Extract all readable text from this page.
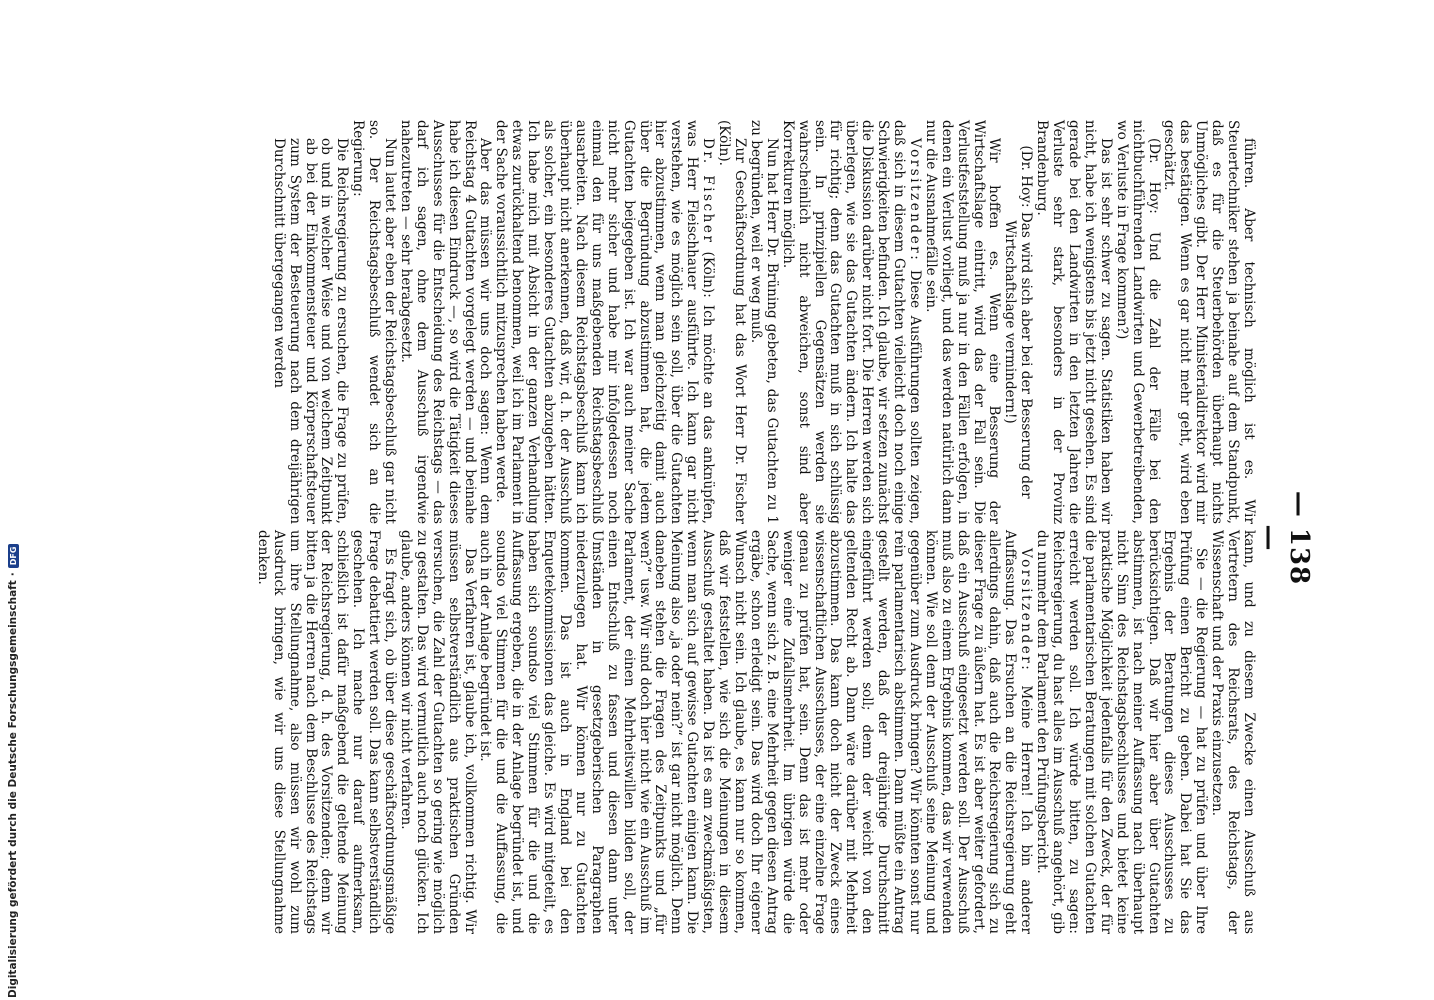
— 138 —

führen. Aber technisch möglich ist es. Wir Steuertechniker stehen ja beinahe auf dem Standpunkt, daß es für die Steuerbehörden überhaupt nichts Unmögliches gibt. Der Herr Ministerialdirektor wird mir das bestätigen. Wenn es gar nicht mehr geht, wird eben geschätzt.

(Dr. Hoy: Und die Zahl der Fälle bei den nichtbuchführenden Landwirten und Gewerbetreibenden, wo Verluste in Frage kommen?)

Das ist sehr schwer zu sagen. Statistiken haben wir nicht, habe ich wenigstens bis jetzt nicht gesehen. Es sind gerade bei den Landwirten in den letzten Jahren die Verluste sehr stark, besonders in der Provinz Brandenburg.

(Dr. Hoy: Das wird sich aber bei der Besserung der Wirtschaftslage vermindern!)

Wir hoffen es. Wenn eine Besserung der Wirtschaftslage eintritt, wird das der Fall sein. Die Verlustfeststellung muß ja nur in den Fällen erfolgen, in denen ein Verlust vorliegt, und das werden natürlich dann nur die Ausnahmefälle sein.

Vorsitzender: Diese Ausführungen sollten zeigen, daß sich in diesem Gutachten vielleicht doch noch einige Schwierigkeiten befinden. Ich glaube, wir setzen zunächst die Diskussion darüber nicht fort. Die Herren werden sich überlegen, wie sie das Gutachten ändern. Ich halte das für richtig; denn das Gutachten muß in sich schlüssig sein. In prinzipiellen Gegensätzen werden sie wahrscheinlich nicht abweichen, sonst sind aber Korrekturen möglich.

Nun hat Herr Dr. Brüning gebeten, das Gutachten zu 1 zu begründen, weil er weg muß.

Zur Geschäftsordnung hat das Wort Herr Dr. Fischer (Köln).

Dr. Fischer (Köln): Ich möchte an das anknüpfen, was Herr Fleischhauer ausführte. Ich kann gar nicht verstehen, wie es möglich sein soll, über die Gutachten hier abzustimmen, wenn man gleichzeitig damit auch über die Begründung abzustimmen hat, die jedem Gutachten beigegeben ist. Ich war auch meiner Sache nicht mehr sicher und habe mir infolgedessen noch einmal den für uns maßgebenden Reichstagsbeschluß ausarbeiten. Nach diesem Reichstagsbeschluß kann ich überhaupt nicht anerkennen, daß wir, d. h. der Ausschuß als solcher, ein besonderes Gutachten abzugeben hätten. Ich habe mich mit Absicht in der ganzen Verhandlung etwas zurückhaltend benommen, weil ich im Parlament in der Sache voraussichtlich mitzusprechen haben werde.

Aber das müssen wir uns doch sagen: Wenn dem Reichstag 4 Gutachten vorgelegt werden — und beinahe habe ich diesen Eindruck —, so wird die Tätigkeit dieses Ausschusses für die Entscheidung des Reichstags — das darf ich sagen, ohne dem Ausschuß irgendwie nahezutreten — sehr herabgesetzt.

Nun lautet aber eben der Reichstagsbeschluß gar nicht so. Der Reichstagsbeschluß wendet sich an die Regierung:

Die Reichsregierung zu ersuchen, die Frage zu prüfen, ob und in welcher Weise und von welchem Zeitpunkt ab bei der Einkommensteuer und Körperschaftsteuer zum System der Besteuerung nach dem dreijährigen Durchschnitt übergegangen werden

kann, und zu diesem Zwecke einen Ausschuß aus Vertretern des Reichsrats, des Reichstags, der Wissenschaft und der Praxis einzusetzen.

Sie — die Regierung — hat zu prüfen und über Ihre Prüfung einen Bericht zu geben. Dabei hat Sie das Ergebnis der Beratungen dieses Ausschusses zu berücksichtigen. Daß wir hier aber über Gutachten abstimmen, ist nach meiner Auffassung nach überhaupt nicht Sinn des Reichstagsbeschlusses und bietet keine praktische Möglichkeit jedenfalls für den Zweck, der für die parlamentarischen Beratungen mit solchen Gutachten erreicht werden soll. Ich würde bitten, zu sagen: Reichsregierung, du hast alles im Ausschuß angehört, gib du nunmehr dem Parlament den Prüfungsbericht.

Vorsitzender: Meine Herren! Ich bin anderer Auffassung. Das Ersuchen an die Reichsregierung geht allerdings dahin, daß auch die Reichsregierung sich zu dieser Frage zu äußern hat. Es ist aber weiter gefordert, daß ein Ausschuß eingesetzt werden soll. Der Ausschuß muß also zu einem Ergebnis kommen, das wir verwenden können. Wie soll denn der Ausschuß seine Meinung und gegenüber zum Ausdruck bringen? Wir könnten sonst nur rein parlamentarisch abstimmen. Dann müßte ein Antrag gestellt werden, daß der dreijährige Durchschnitt eingeführt werden soll; denn der weicht von den geltenden Recht ab. Dann wäre darüber mit Mehrheit abzustimmen. Das kann doch nicht der Zweck eines wissenschaftlichen Ausschusses, der eine einzelne Frage genau zu prüfen hat, sein. Denn das ist mehr oder weniger eine Zufallsmehrheit. Im übrigen würde die Sache, wenn sich z. B. eine Mehrheit gegen diesen Antrag ergäbe, schon erledigt sein. Das wird doch Ihr eigener Wunsch nicht sein. Ich glaube, es kann nur so kommen, daß wir feststellen, wie sich die Meinungen in diesem Ausschuß gestaltet haben. Da ist es am zweckmäßigsten, wenn man sich auf gewisse Gutachten einigen kann. Die Meinung also „ja oder nein?“ ist gar nicht möglich. Denn daneben stehen die Fragen des Zeitpunkts und „für wen?“ usw. Wir sind doch hier nicht wie ein Ausschuß im Parlament, der einen Mehrheitswillen bilden soll, der einen Entschluß zu fassen und diesen dann unter Umständen in gesetzgeberischen Paragraphen niederzulegen hat. Wir können nur zu Gutachten kommen. Das ist auch in England bei den Enquetekommissionen das gleiche. Es wird mitgeteilt, es haben sich soundso viel Stimmen für die und die Auffassung ergeben, die in der Anlage begründet ist, und soundso viel Stimmen für die und die Auffassung, die auch in der Anlage begründet ist.

Das Verfahren ist, glaube ich, vollkommen richtig. Wir müssen selbstverständlich aus praktischen Gründen versuchen, die Zahl der Gutachten so gering wie möglich zu gestalten. Das wird vermutlich auch noch glücken. Ich glaube, anders können wir nicht verfahren.

Es fragt sich, ob über diese geschäftsordnungsmäßige Frage debattiert werden soll. Das kann selbstverständlich geschehen. Ich mache nur darauf aufmerksam, schließlich ist dafür maßgebend die geltende Meinung der Reichsregierung, d. h. des Vorsitzenden; denn wir bitten ja die Herren nach dem Beschlusse des Reichstags um ihre Stellungnahme, also müssen wir wohl zum Ausdruck bringen, wie wir uns diese Stellungnahme denken.

Digitalisierung gefördert durch die Deutsche Forschungsgemeinschaft
·
DFG
